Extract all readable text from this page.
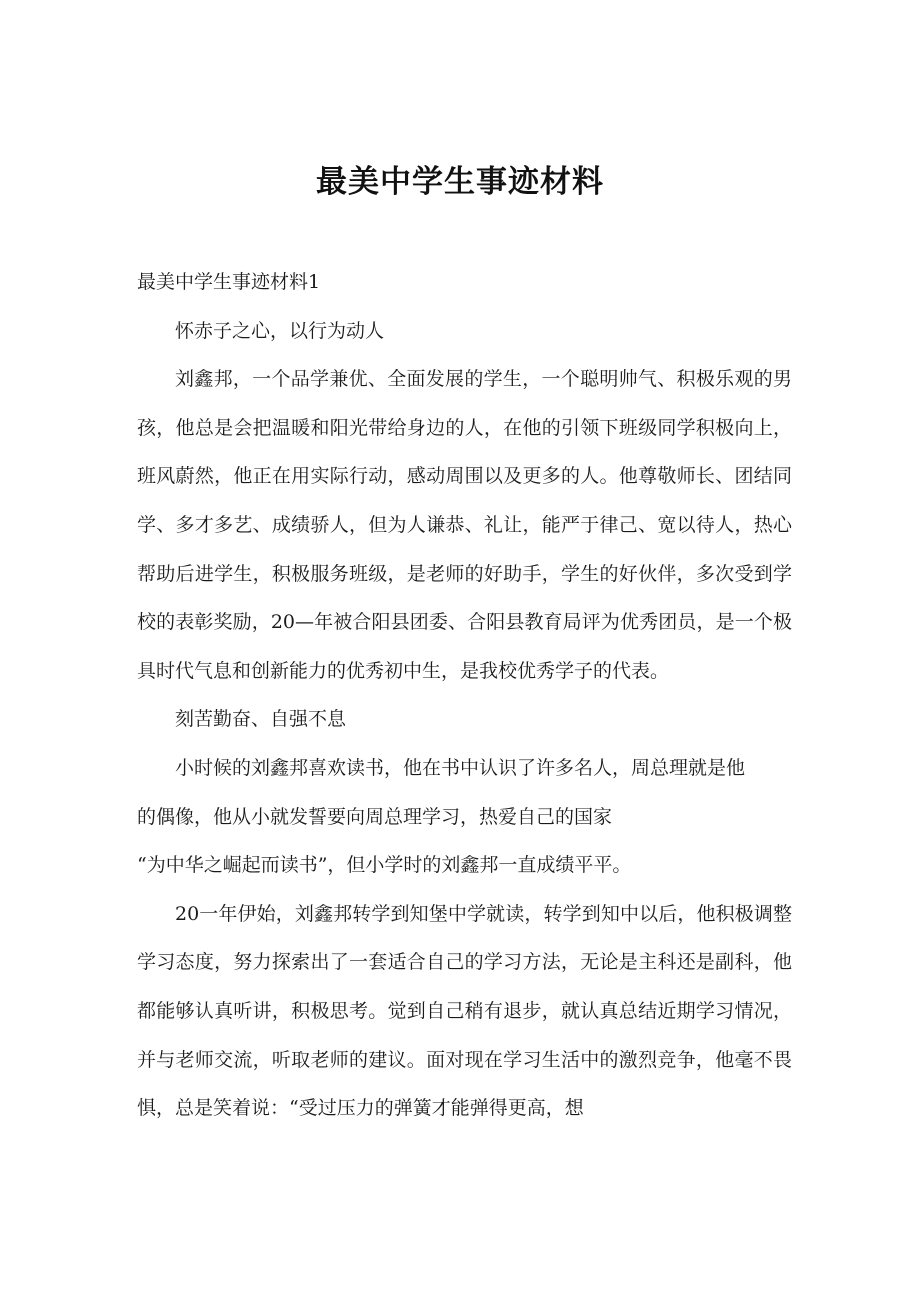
最美中学生事迹材料
最美中学生事迹材料1
怀赤子之心，以行为动人
刘鑫邦，一个品学兼优、全面发展的学生，一个聪明帅气、积极乐观的男孩，他总是会把温暖和阳光带给身边的人，在他的引领下班级同学积极向上，班风蔚然，他正在用实际行动，感动周围以及更多的人。他尊敬师长、团结同学、多才多艺、成绩骄人，但为人谦恭、礼让，能严于律己、宽以待人，热心帮助后进学生，积极服务班级，是老师的好助手，学生的好伙伴，多次受到学校的表彰奖励，20—年被合阳县团委、合阳县教育局评为优秀团员，是一个极具时代气息和创新能力的优秀初中生，是我校优秀学子的代表。
刻苦勤奋、自强不息
小时候的刘鑫邦喜欢读书，他在书中认识了许多名人，周总理就是他
的偶像，他从小就发誓要向周总理学习，热爱自己的国家
“为中华之崛起而读书”，但小学时的刘鑫邦一直成绩平平。
20一年伊始，刘鑫邦转学到知堡中学就读，转学到知中以后，他积极调整学习态度，努力探索出了一套适合自己的学习方法，无论是主科还是副科，他都能够认真听讲，积极思考。觉到自己稍有退步，就认真总结近期学习情况，并与老师交流，听取老师的建议。面对现在学习生活中的激烈竞争，他毫不畏惧，总是笑着说：“受过压力的弹簧才能弹得更高，想
